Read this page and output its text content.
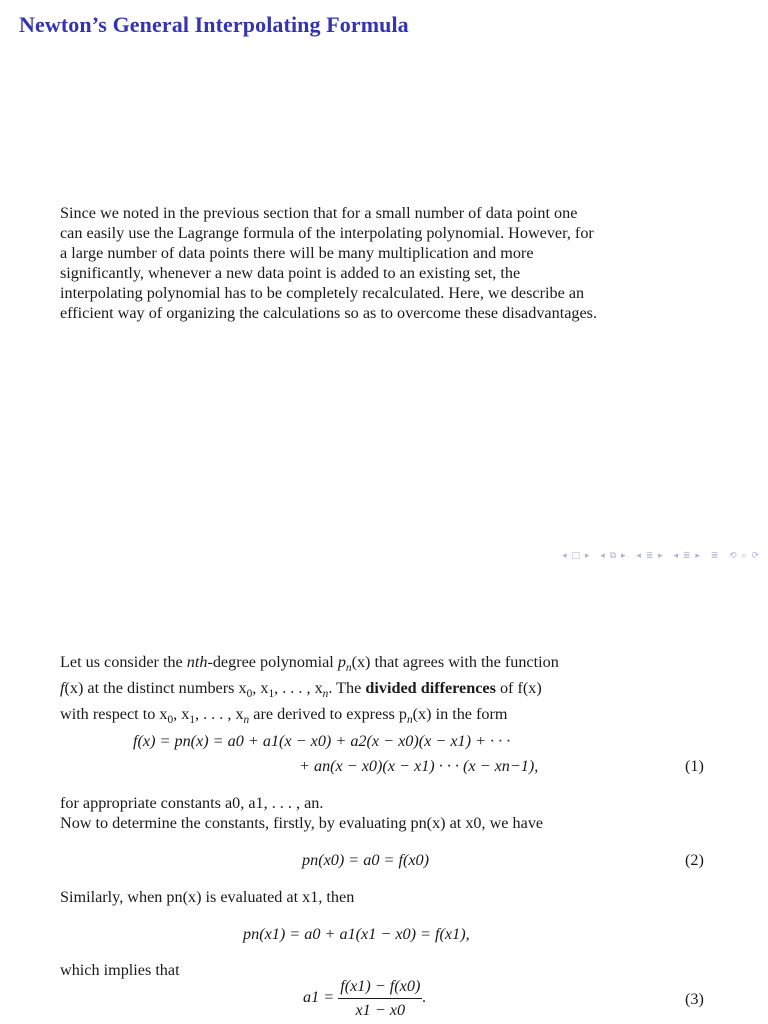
Newton’s General Interpolating Formula
Since we noted in the previous section that for a small number of data point one
can easily use the Lagrange formula of the interpolating polynomial. However, for
a large number of data points there will be many multiplication and more
significantly, whenever a new data point is added to an existing set, the
interpolating polynomial has to be completely recalculated. Here, we describe an
efficient way of organizing the calculations so as to overcome these disadvantages.
◂ □ ▸ ◂ ⧉ ▸ ◂ ≣ ▸ ◂ ≣ ▸ ≣ ⟲ ⌕ ⟳
Let us consider the nth-degree polynomial $p_n(x)$ that agrees with the function
f(x) at the distinct numbers $x_0$, $x_1$, . . . , $x_n$. The divided differences of f(x)
with respect to $x_0$, $x_1$, . . . , $x_n$ are derived to express $p_n(x)$ in the form
f(x) = pn(x) = a0 + a1(x − x0) + a2(x − x0)(x − x1) + · · ·
+ an(x − x0)(x − x1) · · · (x − xn−1),	(1)
for appropriate constants a0, a1, . . . , an.
Now to determine the constants, firstly, by evaluating pn(x) at x0, we have
pn(x0) = a0 = f(x0)	(2)
Similarly, when pn(x) is evaluated at x1, then
pn(x1) = a0 + a1(x1 − x0) = f(x1),
which implies that
$a1 = \frac{f(x1) - f(x0)}{x1 - x0}$ .	(3)
